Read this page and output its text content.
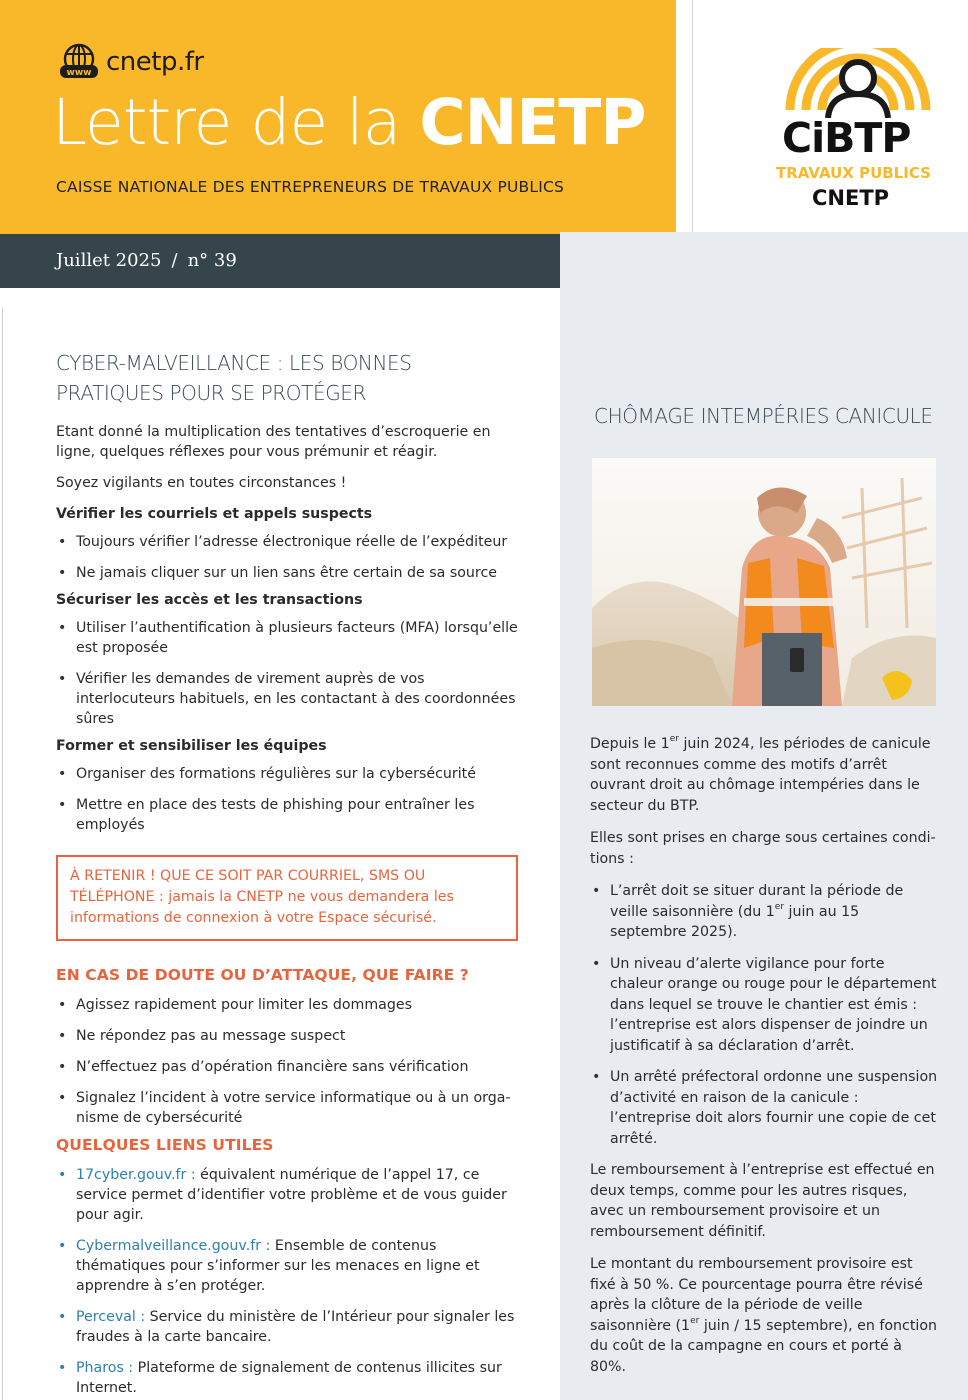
www cnetp.fr
Lettre de la CNETP
CAISSE NATIONALE DES ENTREPRENEURS DE TRAVAUX PUBLICS
Juillet 2025 / n° 39
CiBTP
TRAVAUX PUBLICS
CNETP
CYBER-MALVEILLANCE : LES BONNES PRATIQUES POUR SE PROTÉGER

Etant donné la multiplication des tentatives d’escroquerie en ligne, quelques réflexes pour vous prémunir et réagir.

Soyez vigilants en toutes circonstances !

Vérifier les courriels et appels suspects
• Toujours vérifier l’adresse électronique réelle de l’expéditeur
• Ne jamais cliquer sur un lien sans être certain de sa source
Sécuriser les accès et les transactions
• Utiliser l’authentification à plusieurs facteurs (MFA) lorsqu’elle est proposée
• Vérifier les demandes de virement auprès de vos interlocuteurs habituels, en les contactant à des coordonnées sûres
Former et sensibiliser les équipes
• Organiser des formations régulières sur la cybersécurité
• Mettre en place des tests de phishing pour entraîner les employés
À RETENIR ! QUE CE SOIT PAR COURRIEL, SMS OU TÉLÉPHONE : jamais la CNETP ne vous demandera les informations de connexion à votre Espace sécurisé.
EN CAS DE DOUTE OU D’ATTAQUE, QUE FAIRE ?
• Agissez rapidement pour limiter les dommages
• Ne répondez pas au message suspect
• N’effectuez pas d’opération financière sans vérification
• Signalez l’incident à votre service informatique ou à un organisme de cybersécurité
QUELQUES LIENS UTILES
• 17cyber.gouv.fr : équivalent numérique de l’appel 17, ce service permet d’identifier votre problème et de vous guider pour agir.
• Cybermalveillance.gouv.fr : Ensemble de contenus thématiques pour s’informer sur les menaces en ligne et apprendre à s’en protéger.
• Perceval : Service du ministère de l’Intérieur pour signaler les fraudes à la carte bancaire.
• Pharos : Plateforme de signalement de contenus illicites sur Internet.
CHÔMAGE INTEMPÉRIES CANICULE

Depuis le 1er juin 2024, les périodes de canicule sont reconnues comme des motifs d’arrêt ouvrant droit au chômage intempéries dans le secteur du BTP.

Elles sont prises en charge sous certaines conditions :

• L’arrêt doit se situer durant la période de veille saisonnière (du 1er juin au 15 septembre 2025).
• Un niveau d’alerte vigilance pour forte chaleur orange ou rouge pour le département dans lequel se trouve le chantier est émis : l’entreprise est alors dispenser de joindre un justificatif à sa déclaration d’arrêt.
• Un arrêté préfectoral ordonne une suspension d’activité en raison de la canicule : l’entreprise doit alors fournir une copie de cet arrêté.

Le remboursement à l’entreprise est effectué en deux temps, comme pour les autres risques, avec un remboursement provisoire et un remboursement définitif.

Le montant du remboursement provisoire est fixé à 50 %. Ce pourcentage pourra être révisé après la clôture de la période de veille saisonnière (1er juin / 15 septembre), en fonction du coût de la campagne en cours et porté à 80%.
